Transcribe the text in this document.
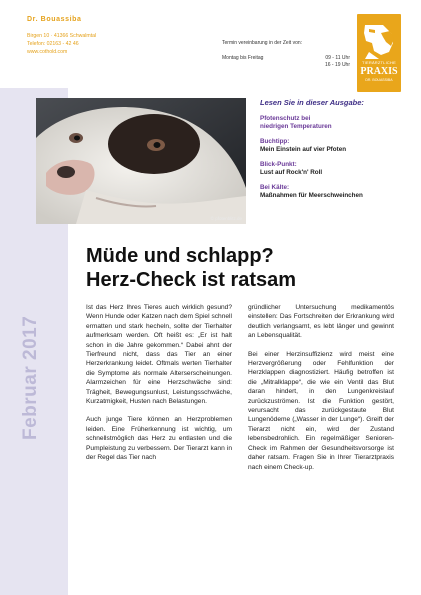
Dr. Bouassiba
Birgen 10 · 41366 Schwalmtal
Telefon: 02163 - 42 46
www.cothold.com
Termin vereinbarung in der Zeit von:
Montag bis Freitag	09 - 11 Uhr
16 - 19 Uhr	TIERÄRZTLICHE
PRAXIS
DR. BOUASSIBA
Februar 2017
© pfotenblitz.de
Lesen Sie in dieser Ausgabe:
Pfotenschutz bei
niedrigen Temperaturen
Buchtipp:
Mein Einstein auf vier Pfoten
Blick-Punkt:
Lust auf Rock'n' Roll
Bei Kälte:
Maßnahmen für Meerschweinchen
Müde und schlapp?
Herz-Check ist ratsam

Ist das Herz Ihres Tieres auch wirklich gesund? Wenn Hunde oder Katzen nach dem Spiel schnell ermatten und stark hecheln, sollte der Tierhalter aufmerksam werden. Oft heißt es: „Er ist halt schon in die Jahre gekommen.“ Dabei ahnt der Tierfreund nicht, dass das Tier an einer Herzerkrankung leidet. Oftmals werten Tierhalter die Symptome als normale Alterserscheinungen. Alarmzeichen für eine Herzschwäche sind: Trägheit, Bewegungsunlust, Leistungsschwäche, Kurzatmigkeit, Husten nach Belastungen.

Auch junge Tiere können an Herzproblemen leiden. Eine Früherkennung ist wichtig, um schnellstmöglich das Herz zu entlasten und die Pumpleistung zu verbessern. Der Tierarzt kann in der Regel das Tier nach

gründlicher Untersuchung medikamentös einstellen: Das Fortschreiten der Erkrankung wird deutlich verlangsamt, es lebt länger und gewinnt an Lebensqualität.

Bei einer Herzinsuffizienz wird meist eine Herzvergrößerung oder Fehlfunktion der Herzklappen diagnostiziert. Häufig betroffen ist die „Mitralklappe“, die wie ein Ventil das Blut daran hindert, in den Lungenkreislauf zurückzuströmen. Ist die Funktion gestört, verursacht das zurückgestaute Blut Lungenödeme („Wasser in der Lunge“). Greift der Tierarzt nicht ein, wird der Zustand lebensbedrohlich. Ein regelmäßiger Senioren-Check im Rahmen der Gesundheitsvorsorge ist daher ratsam. Fragen Sie in Ihrer Tierarztpraxis nach einem Check-up.
